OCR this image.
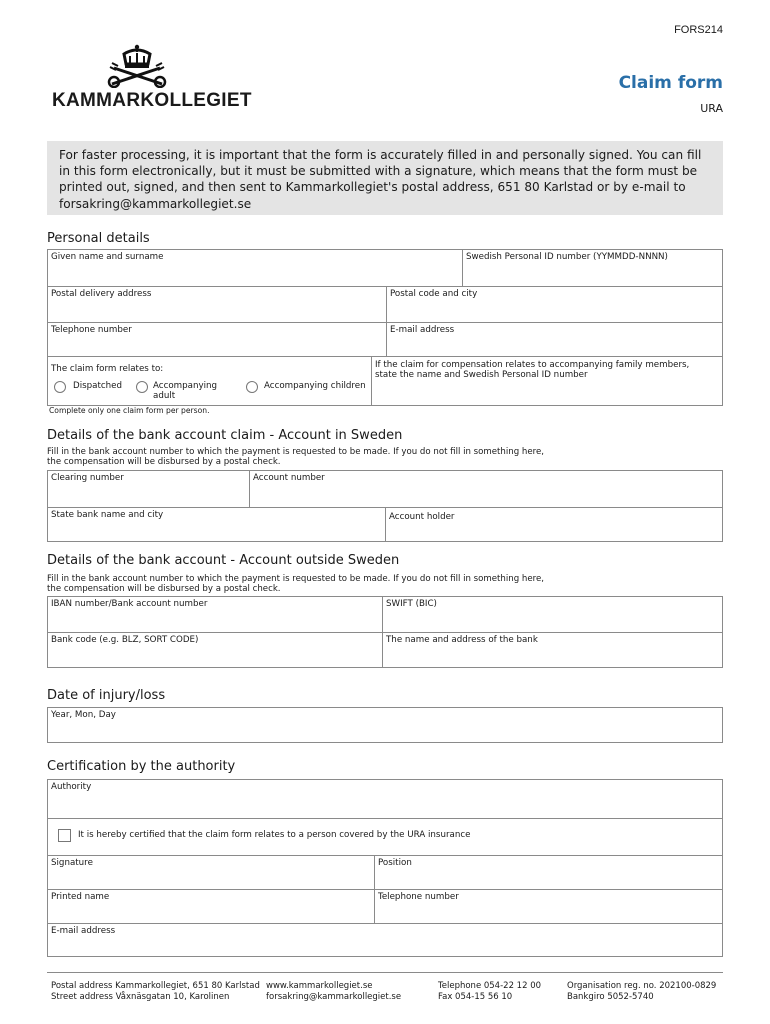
FORS214
KAMMARKOLLEGIET
Claim form
URA
For faster processing, it is important that the form is accurately filled in and personally signed. You can fill in this form electronically, but it must be submitted with a signature, which means that the form must be printed out, signed, and then sent to Kammarkollegiet's postal address, 651 80 Karlstad or by e-mail to forsakring@kammarkollegiet.se
Personal details
Given name and surname	Swedish Personal ID number (YYMMDD-NNNN)
Postal delivery address	Postal code and city
Telephone number	E-mail address
The claim form relates to:
Dispatched	Accompanying
adult
Accompanying children
If the claim for compensation relates to accompanying family members,
state the name and Swedish Personal ID number
Complete only one claim form per person.
Details of the bank account claim - Account in Sweden
Fill in the bank account number to which the payment is requested to be made. If you do not fill in something here,
the compensation will be disbursed by a postal check.
Clearing number	Account number
State bank name and city	Account holder
Details of the bank account - Account outside Sweden
Fill in the bank account number to which the payment is requested to be made. If you do not fill in something here,
the compensation will be disbursed by a postal check.
IBAN number/Bank account number	SWIFT (BIC)
Bank code (e.g. BLZ, SORT CODE)	The name and address of the bank
Date of injury/loss
Year, Mon, Day
Certification by the authority
Authority
It is hereby certified that the claim form relates to a person covered by the URA insurance
Signature	Position
Printed name	Telephone number
E-mail address
Postal address Kammarkollegiet, 651 80 Karlstad
Street address Våxnäsgatan 10, Karolinen
www.kammarkollegiet.se
forsakring@kammarkollegiet.se
Telephone 054-22 12 00
Fax 054-15 56 10
Organisation reg. no. 202100-0829
Bankgiro 5052-5740
